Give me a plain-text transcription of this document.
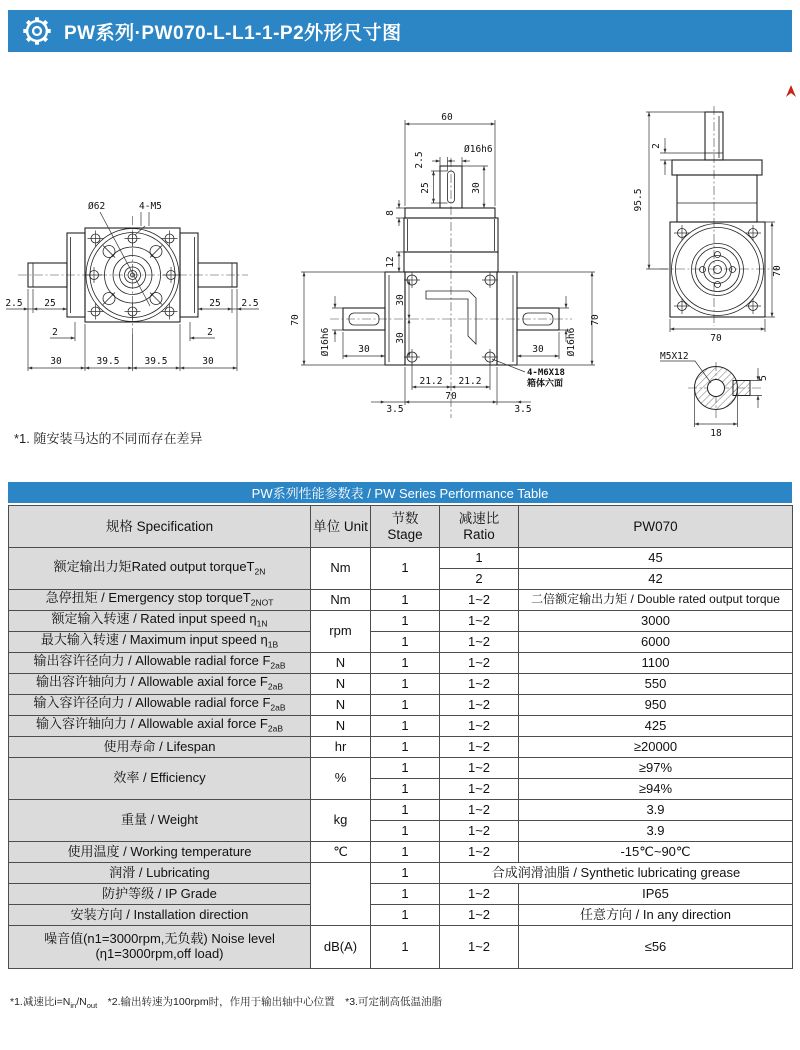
PW系列·PW070-L-L1-1-P2外形尺寸图
Ø62	4-M5
2.5 25	25 2.5
2	2
30	39.5	39.5	30
60
2.5
Ø16h6
25	30
8
12
70
Ø16h6	30
30
30
30 Ø16h6
70
21.2 21.2
70
3.5	3.5
4-M6X18
箱体六面
2
95.5
70
70
M5X12
5
18
*1. 随安装马达的不同而存在差异
PW系列性能参数表 / PW Series Performance Table
规格 Specification	单位 Unit	节数 Stage	减速比 Ratio	PW070
额定输出力矩Rated output torqueT$_{2N}$	Nm	1	1	45
			2	42
急停扭矩 / Emergency stop torqueT$_{2NOT}$	Nm	1	1~2	二倍额定输出力矩 / Double rated output torque
额定输入转速 / Rated input speed $\eta_{1N}$	rpm	1	1~2	3000
最大输入转速 / Maximum input speed $\eta_{1B}$		1	1~2	6000
输出容许径向力 / Allowable radial force $F_{2aB}$	N	1	1~2	1100
输出容许轴向力 / Allowable axial force $F_{2aB}$	N	1	1~2	550
输入容许径向力 / Allowable radial force $F_{2aB}$	N	1	1~2	950
输入容许轴向力 / Allowable axial force $F_{2aB}$	N	1	1~2	425
使用寿命 / Lifespan	hr	1	1~2	≥20000
效率 / Efficiency	%	1	1~2	≥97%
		1	1~2	≥94%
重量 / Weight	kg	1	1~2	3.9
		1	1~2	3.9
使用温度 / Working temperature	℃	1	1~2	-15℃~90℃
润滑 / Lubricating		1	合成润滑油脂 / Synthetic lubricating grease	
防护等级 / IP Grade		1	1~2	IP65
安装方向 / Installation direction		1	1~2	任意方向 / In any direction

噪音值(n1=3000rpm,无负载) Noise level
(η1=3000rpm,off load)	dB(A)	1	1~2	≤56
*1.减速比$i=N_{in}/N_{out}$　*2.输出转速为100rpm时，作用于输出轴中心位置　*3.可定制高低温油脂
